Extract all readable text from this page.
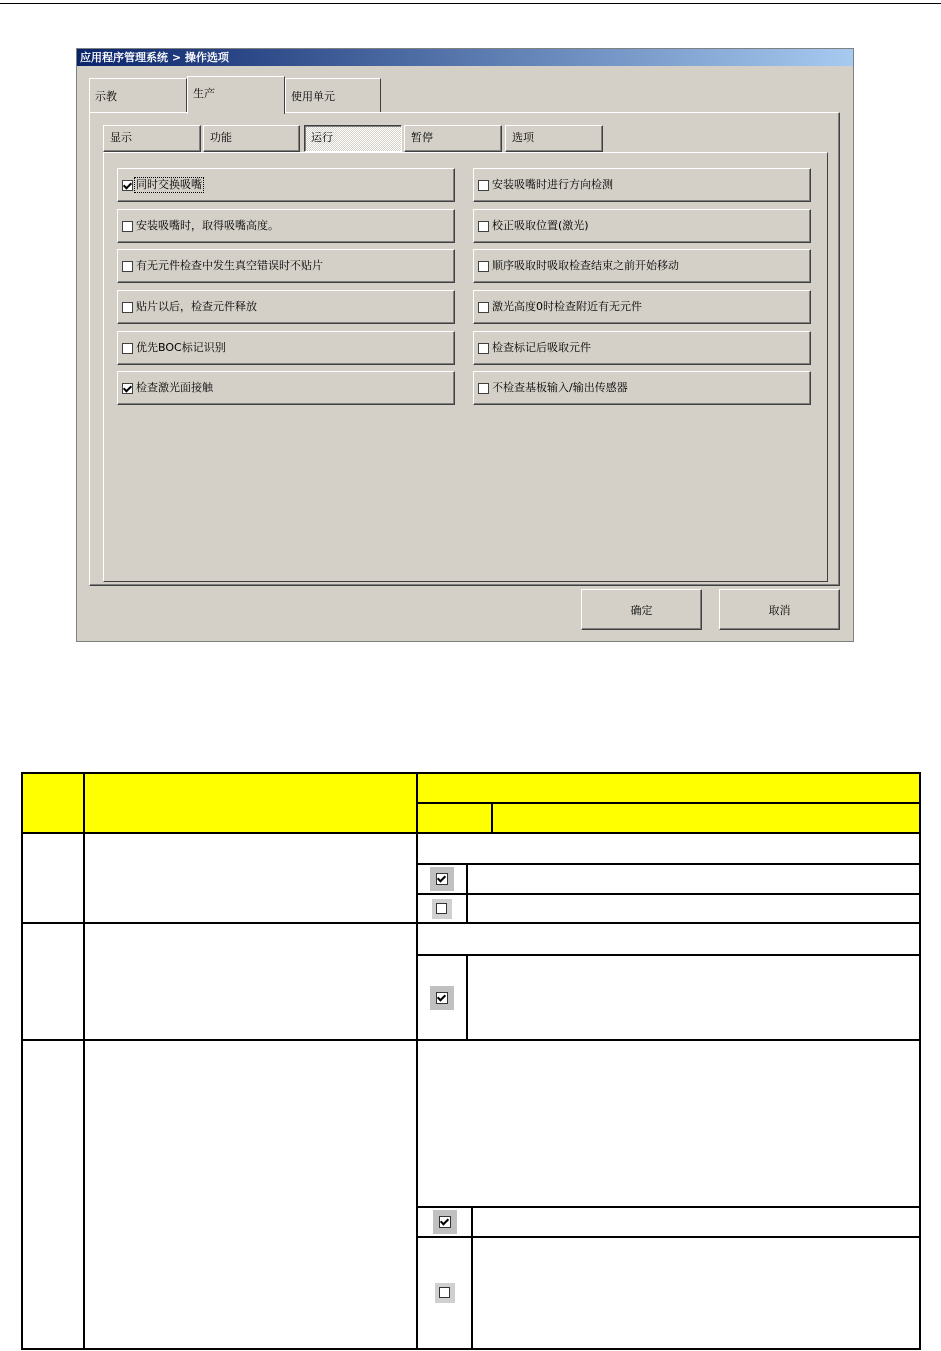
应用程序管理系统 > 操作选项
示教	生产	使用单元
显示	功能	运行	暂停	选项
同时交换吸嘴
安装吸嘴时，取得吸嘴高度。
有无元件检查中发生真空错误时不贴片
贴片以后，检查元件释放
优先BOC标记识别
检查激光面接触
安装吸嘴时进行方向检测
校正吸取位置(激光)
顺序吸取时吸取检查结束之前开始移动
激光高度0时检查附近有无元件
检查标记后吸取元件
不检查基板输入/输出传感器
确定	取消
